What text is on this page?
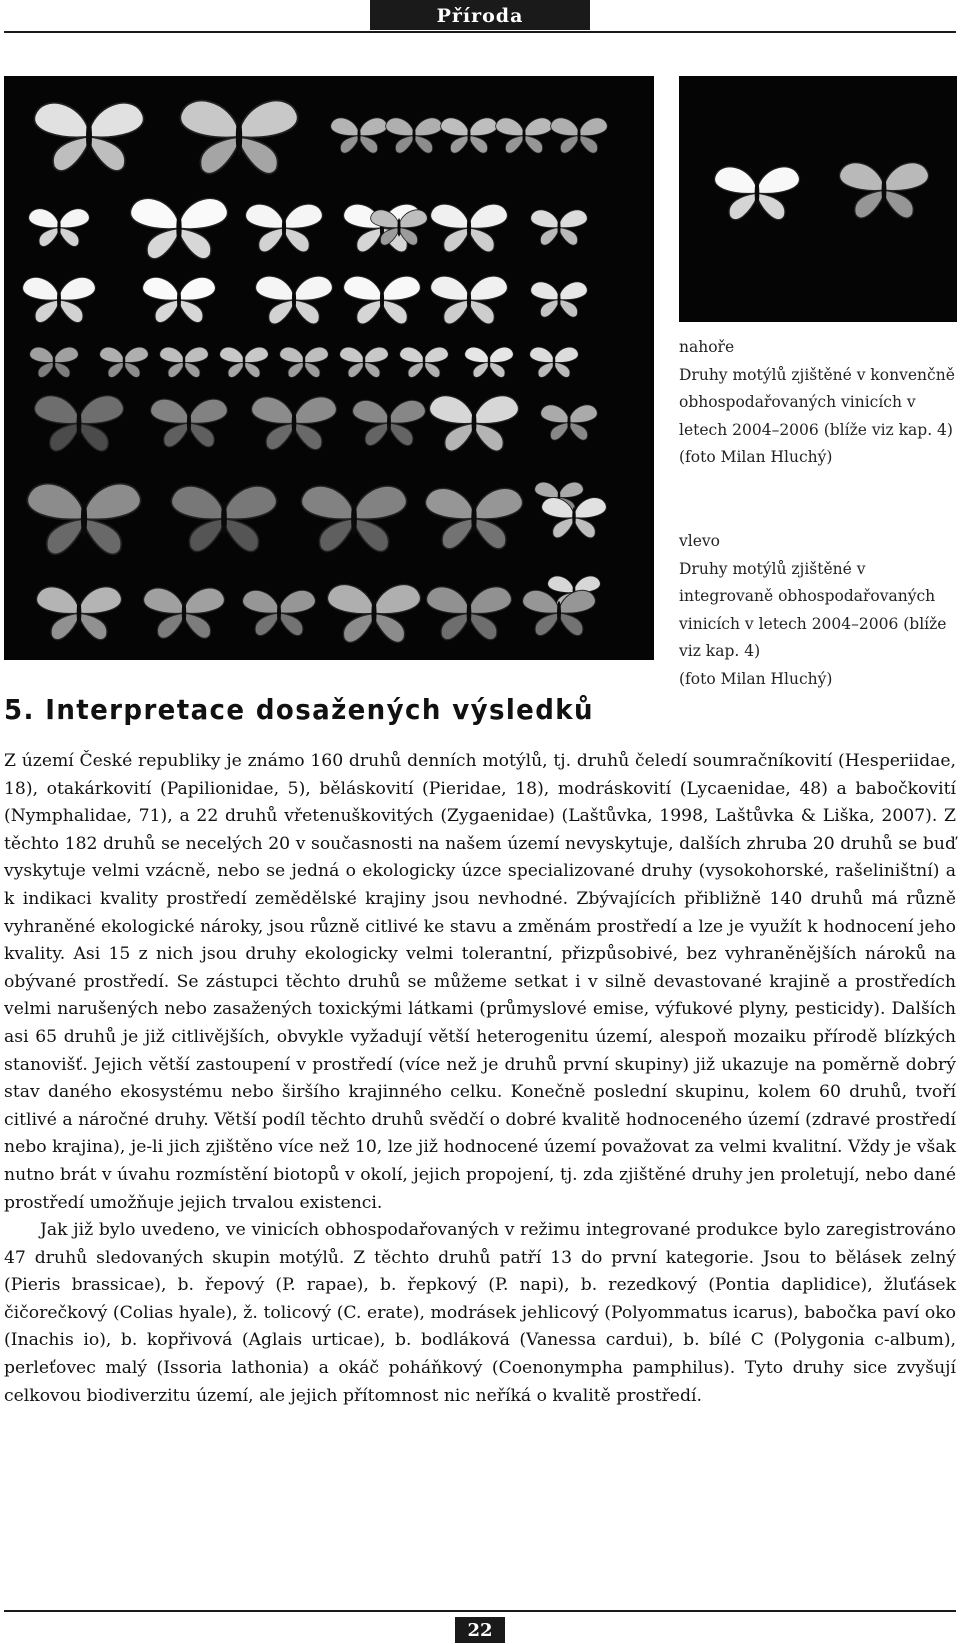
Příroda

nahoře

Druhy motýlů zjištěné v konvenčně obhospodařovaných vinicích v letech 2004–2006 (blíže viz kap. 4)

(foto Milan Hluchý)

vlevo

Druhy motýlů zjištěné v integrovaně obhospodařovaných vinicích v letech 2004–2006 (blíže viz kap. 4)

(foto Milan Hluchý)

5. Interpretace dosažených výsledků

Z území České republiky je známo 160 druhů denních motýlů, tj. druhů čeledí soumračníkovití (Hesperiidae, 18), otakárkovití (Papilionidae, 5), běláskovití (Pieridae, 18), modráskovití (Lycaenidae, 48) a babočkovití (Nymphalidae, 71), a 22 druhů vřetenuškovitých (Zygaenidae) (Laštůvka, 1998, Laštůvka & Liška, 2007). Z těchto 182 druhů se necelých 20 v současnosti na našem území nevyskytuje, dalších zhruba 20 druhů se buď vyskytuje velmi vzácně, nebo se jedná o ekologicky úzce specializované druhy (vysokohorské, rašeliništní) a k indikaci kvality prostředí zemědělské krajiny jsou nevhodné. Zbývajících přibližně 140 druhů má různě vyhraněné ekologické nároky, jsou různě citlivé ke stavu a změnám prostředí a lze je využít k hodnocení jeho kvality. Asi 15 z nich jsou druhy ekologicky velmi tolerantní, přizpůsobivé, bez vyhraněnějších nároků na obývané prostředí. Se zástupci těchto druhů se můžeme setkat i v silně devastované krajině a prostředích velmi narušených nebo zasažených toxickými látkami (průmyslové emise, výfukové plyny, pesticidy). Dalších asi 65 druhů je již citlivějších, obvykle vyžadují větší heterogenitu území, alespoň mozaiku přírodě blízkých stanovišť. Jejich větší zastoupení v prostředí (více než je druhů první skupiny) již ukazuje na poměrně dobrý stav daného ekosystému nebo širšího krajinného celku. Konečně poslední skupinu, kolem 60 druhů, tvoří citlivé a náročné druhy. Větší podíl těchto druhů svědčí o dobré kvalitě hodnoceného území (zdravé prostředí nebo krajina), je-li jich zjištěno více než 10, lze již hodnocené území považovat za velmi kvalitní. Vždy je však nutno brát v úvahu rozmístění biotopů v okolí, jejich propojení, tj. zda zjištěné druhy jen proletují, nebo dané prostředí umožňuje jejich trvalou existenci.

Jak již bylo uvedeno, ve vinicích obhospodařovaných v režimu integrované produkce bylo zaregistrováno 47 druhů sledovaných skupin motýlů. Z těchto druhů patří 13 do první kategorie. Jsou to bělásek zelný (Pieris brassicae), b. řepový (P. rapae), b. řepkový (P. napi), b. rezedkový (Pontia daplidice), žluťásek čičorečkový (Colias hyale), ž. tolicový (C. erate), modrásek jehlicový (Polyommatus icarus), babočka paví oko (Inachis io), b. kopřivová (Aglais urticae), b. bodláková (Vanessa cardui), b. bílé C (Polygonia c-album), perleťovec malý (Issoria lathonia) a okáč poháňkový (Coenonympha pamphilus). Tyto druhy sice zvyšují celkovou biodiverzitu území, ale jejich přítomnost nic neříká o kvalitě prostředí.

22
